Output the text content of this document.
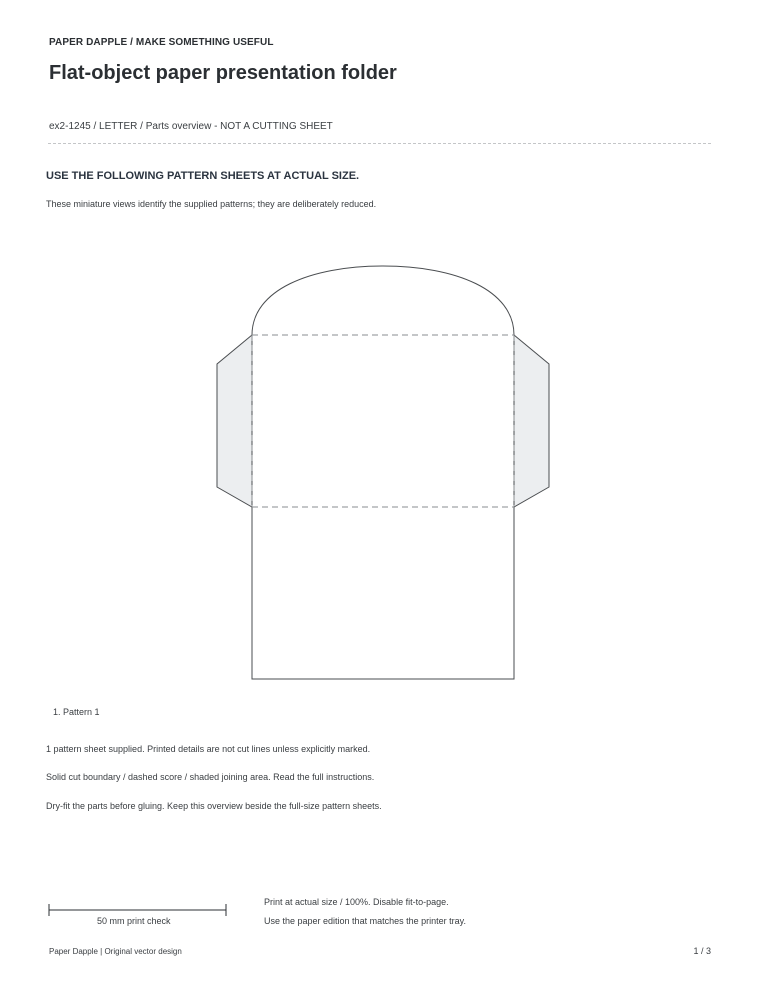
PAPER DAPPLE / MAKE SOMETHING USEFUL
Flat-object paper presentation folder
ex2-1245 / LETTER / Parts overview - NOT A CUTTING SHEET
USE THE FOLLOWING PATTERN SHEETS AT ACTUAL SIZE.
These miniature views identify the supplied patterns; they are deliberately reduced.
1. Pattern 1
1 pattern sheet supplied. Printed details are not cut lines unless explicitly marked.
Solid cut boundary / dashed score / shaded joining area. Read the full instructions.
Dry-fit the parts before gluing. Keep this overview beside the full-size pattern sheets.
50 mm print check
Print at actual size / 100%. Disable fit-to-page.
Use the paper edition that matches the printer tray.
Paper Dapple | Original vector design	1 / 3
